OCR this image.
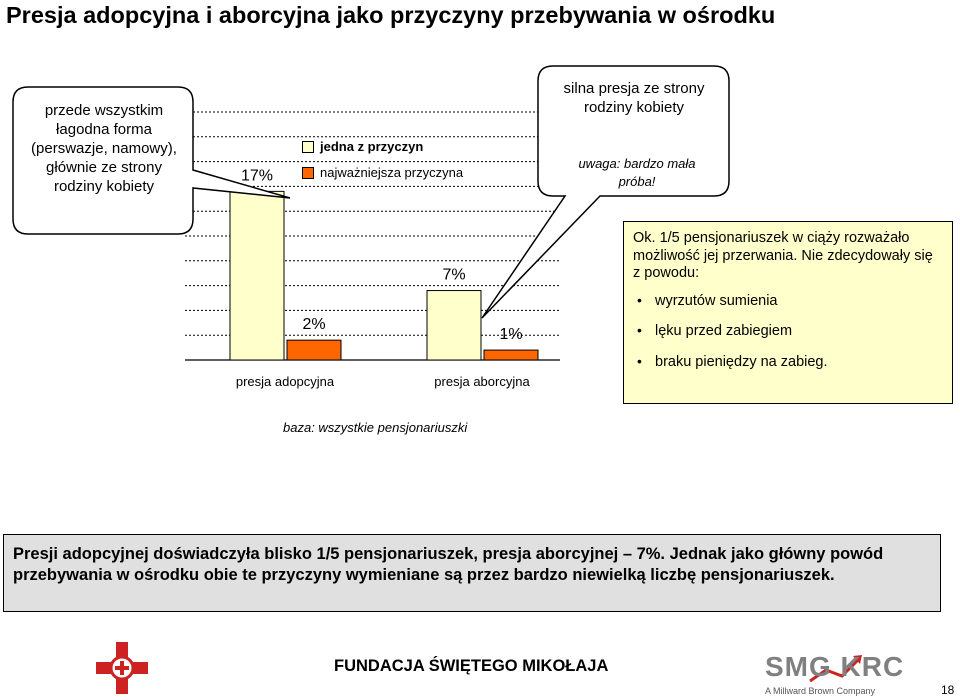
Presja adopcyjna i aborcyjna jako przyczyny przebywania w ośrodku
17%
2%
presja adopcyjna
7%
1%
presja aborcyjna
przede wszystkim łagodna forma (perswazje, namowy), głównie ze strony rodziny kobiety
silna presja ze strony rodziny kobiety
uwaga: bardzo mała próba!
jedna z przyczyn
najważniejsza przyczyna
Ok. 1/5 pensjonariuszek w ciąży rozważało możliwość jej przerwania. Nie zdecydowały się z powodu:
• wyrzutów sumienia
• lęku przed zabiegiem
• braku pieniędzy na zabieg.
baza: wszystkie pensjonariuszki
Presji adopcyjnej doświadczyła blisko 1/5 pensjonariuszek, presja aborcyjnej – 7%. Jednak jako główny powód przebywania w ośrodku obie te przyczyny wymieniane są przez bardzo niewielką liczbę pensjonariuszek.
FUNDACJA ŚWIĘTEGO MIKOŁAJA	SMG KRC
A Millward Brown Company	18
